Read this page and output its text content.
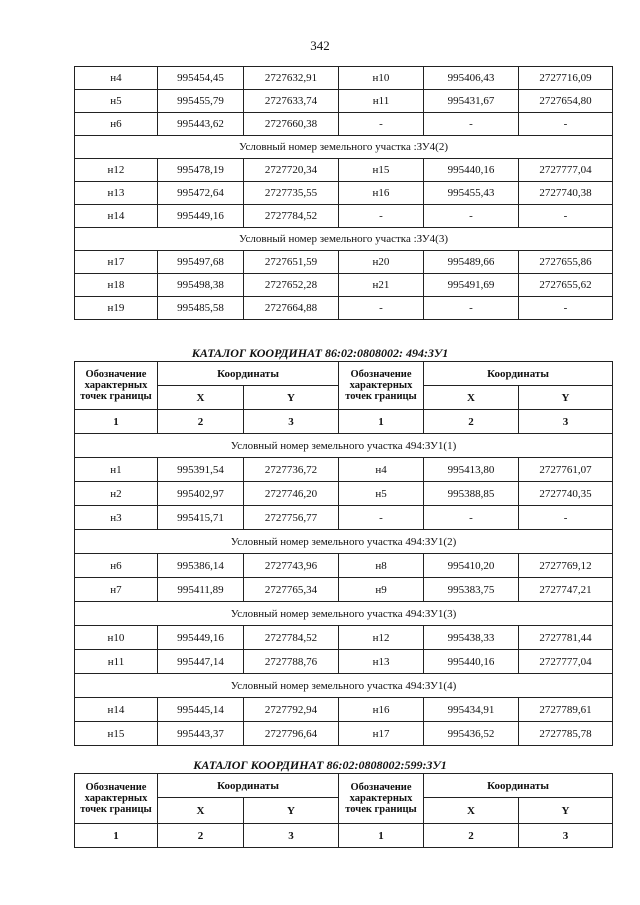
342
н4	995454,45	2727632,91	н10	995406,43	2727716,09
н5	995455,79	2727633,74	н11	995431,67	2727654,80
н6	995443,62	2727660,38	-	-	-
Условный номер земельного участка :ЗУ4(2)					
н12	995478,19	2727720,34	н15	995440,16	2727777,04
н13	995472,64	2727735,55	н16	995455,43	2727740,38
н14	995449,16	2727784,52	-	-	-
Условный номер земельного участка :ЗУ4(3)					
н17	995497,68	2727651,59	н20	995489,66	2727655,86
н18	995498,38	2727652,28	н21	995491,69	2727655,62
н19	995485,58	2727664,88	-	-	-
КАТАЛОГ КООРДИНАТ 86:02:0808002: 494:ЗУ1
Обозначение характерных точек границы	Координаты		Обозначение характерных точек границы	Координаты	
	X	Y		X	Y
1	2	3	1	2	3
Условный номер земельного участка 494:ЗУ1(1)					
н1	995391,54	2727736,72	н4	995413,80	2727761,07
н2	995402,97	2727746,20	н5	995388,85	2727740,35
н3	995415,71	2727756,77	-	-	-
Условный номер земельного участка 494:ЗУ1(2)					
н6	995386,14	2727743,96	н8	995410,20	2727769,12
н7	995411,89	2727765,34	н9	995383,75	2727747,21
Условный номер земельного участка 494:ЗУ1(3)					
н10	995449,16	2727784,52	н12	995438,33	2727781,44
н11	995447,14	2727788,76	н13	995440,16	2727777,04
Условный номер земельного участка 494:ЗУ1(4)					
н14	995445,14	2727792,94	н16	995434,91	2727789,61
н15	995443,37	2727796,64	н17	995436,52	2727785,78
КАТАЛОГ КООРДИНАТ 86:02:0808002:599:ЗУ1
Обозначение характерных точек границы	Координаты		Обозначение характерных точек границы	Координаты	
	X	Y		X	Y
1	2	3	1	2	3
